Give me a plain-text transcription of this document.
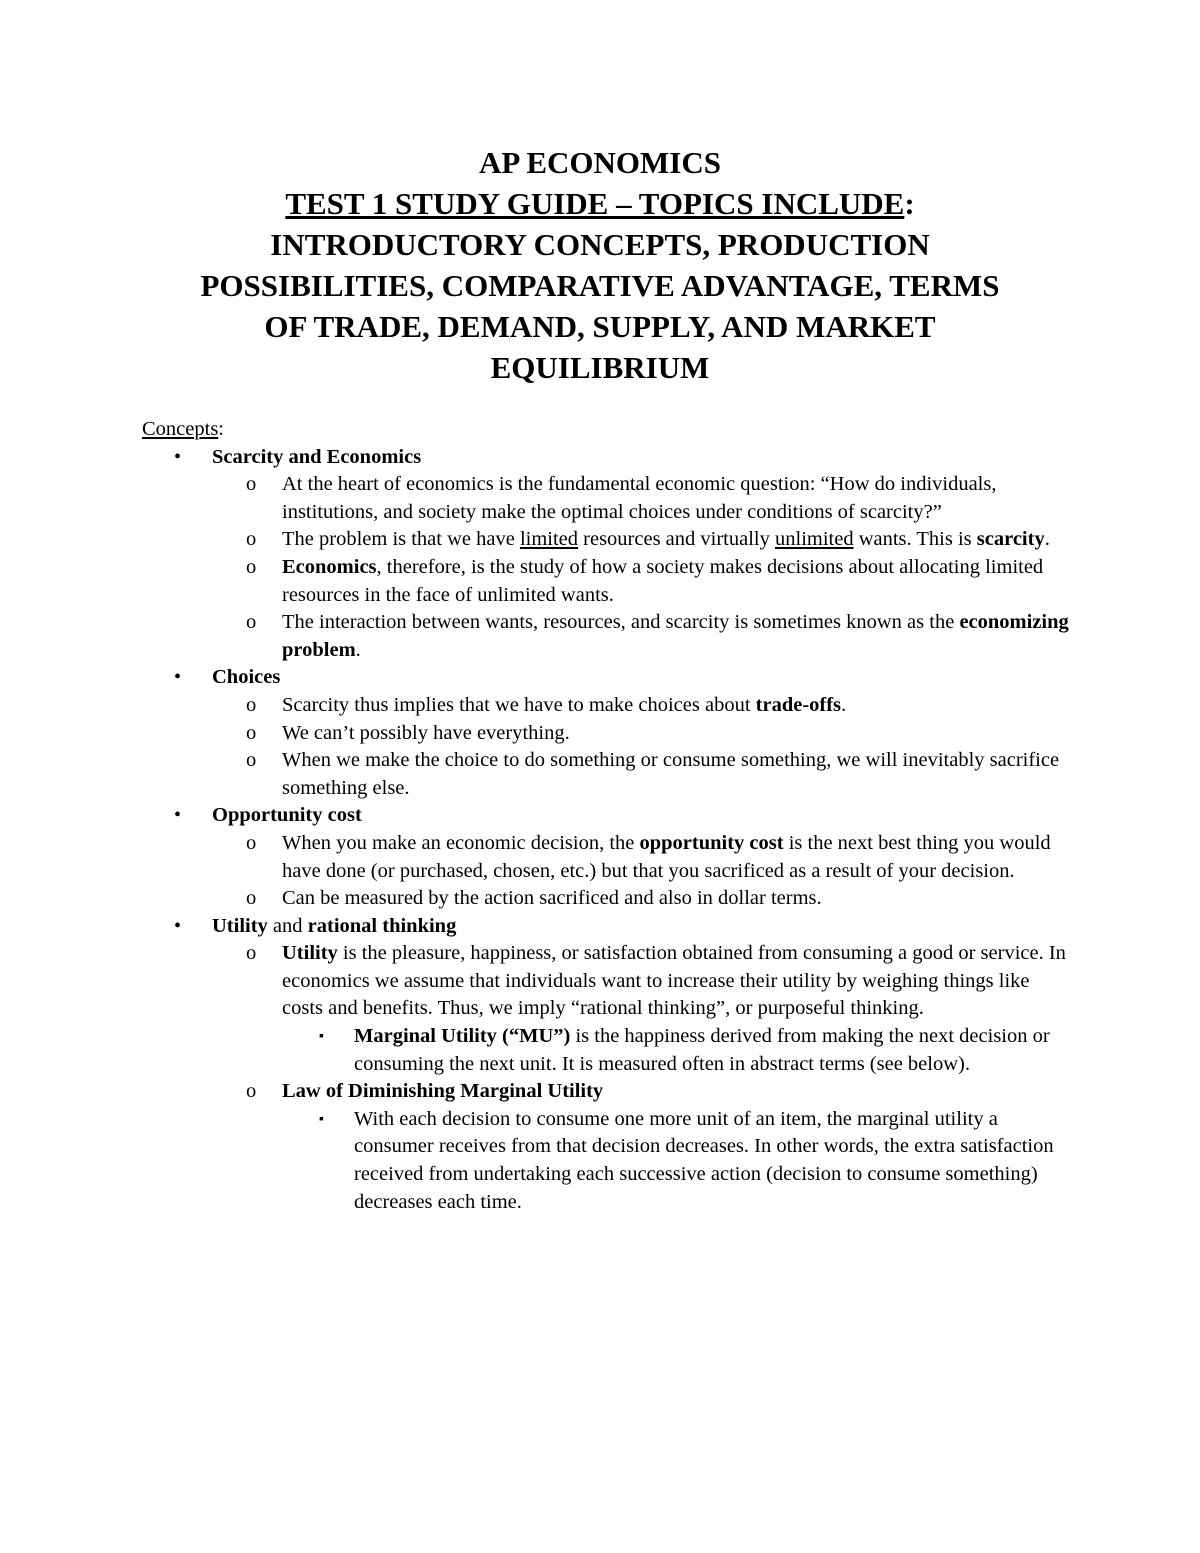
AP ECONOMICS
TEST 1 STUDY GUIDE – TOPICS INCLUDE:
INTRODUCTORY CONCEPTS, PRODUCTION
POSSIBILITIES, COMPARATIVE ADVANTAGE, TERMS
OF TRADE, DEMAND, SUPPLY, AND MARKET
EQUILIBRIUM

Concepts:

• Scarcity and Economics
o At the heart of economics is the fundamental economic question: “How do individuals, institutions, and society make the optimal choices under conditions of scarcity?”
o The problem is that we have limited resources and virtually unlimited wants. This is scarcity.
o Economics, therefore, is the study of how a society makes decisions about allocating limited resources in the face of unlimited wants.
o The interaction between wants, resources, and scarcity is sometimes known as the economizing problem.
• Choices
o Scarcity thus implies that we have to make choices about trade-offs.
o We can’t possibly have everything.
o When we make the choice to do something or consume something, we will inevitably sacrifice something else.
• Opportunity cost
o When you make an economic decision, the opportunity cost is the next best thing you would have done (or purchased, chosen, etc.) but that you sacrificed as a result of your decision.
o Can be measured by the action sacrificed and also in dollar terms.
• Utility and rational thinking
o Utility is the pleasure, happiness, or satisfaction obtained from consuming a good or service. In economics we assume that individuals want to increase their utility by weighing things like costs and benefits. Thus, we imply “rational thinking”, or purposeful thinking.
▪ Marginal Utility (“MU”) is the happiness derived from making the next decision or consuming the next unit. It is measured often in abstract terms (see below).
o Law of Diminishing Marginal Utility
▪ With each decision to consume one more unit of an item, the marginal utility a consumer receives from that decision decreases. In other words, the extra satisfaction received from undertaking each successive action (decision to consume something) decreases each time.
